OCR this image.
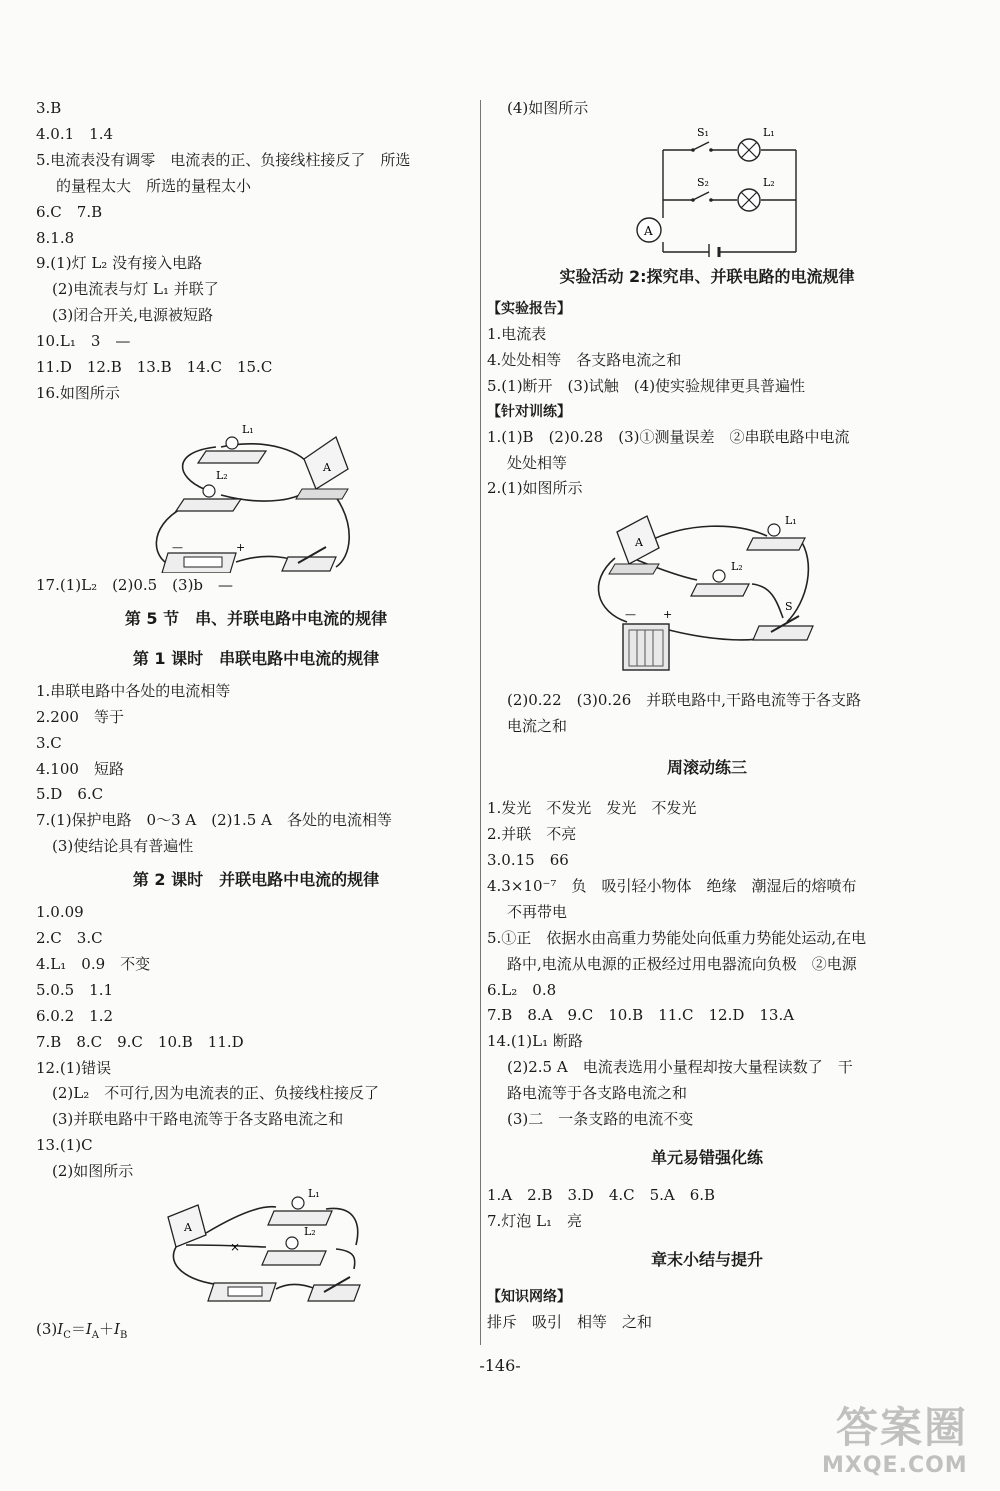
3.B
4.0.1　1.4
5.电流表没有调零　电流表的正、负接线柱接反了　所选
的量程太大　所选的量程太小
6.C　7.B
8.1.8
9.(1)灯 L₂ 没有接入电路
(2)电流表与灯 L₁ 并联了
(3)闭合开关,电源被短路
10.L₁　3　—
11.D　12.B　13.B　14.C　15.C
16.如图所示
L₁
L₂
A
—	+
17.(1)L₂　(2)0.5　(3)b　—
第 5 节　串、并联电路中电流的规律
第 1 课时　串联电路中电流的规律
1.串联电路中各处的电流相等
2.200　等于
3.C
4.100　短路
5.D　6.C
7.(1)保护电路　0～3 A　(2)1.5 A　各处的电流相等
(3)使结论具有普遍性
第 2 课时　并联电路中电流的规律
1.0.09
2.C　3.C
4.L₁　0.9　不变
5.0.5　1.1
6.0.2　1.2
7.B　8.C　9.C　10.B　11.D
12.(1)错误
(2)L₂　不可行,因为电流表的正、负接线柱接反了
(3)并联电路中干路电流等于各支路电流之和
13.(1)C
(2)如图所示
A
L₁
L₂
×
$(3)I_C=I_A+I_B$
(4)如图所示
A
S₁
S₂
L₁
L₂
实验活动 2:探究串、并联电路的电流规律
【实验报告】
1.电流表
4.处处相等　各支路电流之和
5.(1)断开　(3)试触　(4)使实验规律更具普遍性
【针对训练】
1.(1)B　(2)0.28　(3)①测量误差　②串联电路中电流
处处相等
2.(1)如图所示
A
L₁
L₂
— +
S
(2)0.22　(3)0.26　并联电路中,干路电流等于各支路
电流之和
周滚动练三
1.发光　不发光　发光　不发光
2.并联　不亮
3.0.15　66
4.3×10⁻⁷　负　吸引轻小物体　绝缘　潮湿后的熔喷布
不再带电
5.①正　依据水由高重力势能处向低重力势能处运动,在电
路中,电流从电源的正极经过用电器流向负极　②电源
6.L₂　0.8
7.B　8.A　9.C　10.B　11.C　12.D　13.A
14.(1)L₁ 断路
(2)2.5 A　电流表选用小量程却按大量程读数了　干
路电流等于各支路电流之和
(3)二　一条支路的电流不变
单元易错强化练
1.A　2.B　3.D　4.C　5.A　6.B
7.灯泡 L₁　亮
章末小结与提升
【知识网络】
排斥　吸引　相等　之和
-146-
答案圈
MXQE.COM
